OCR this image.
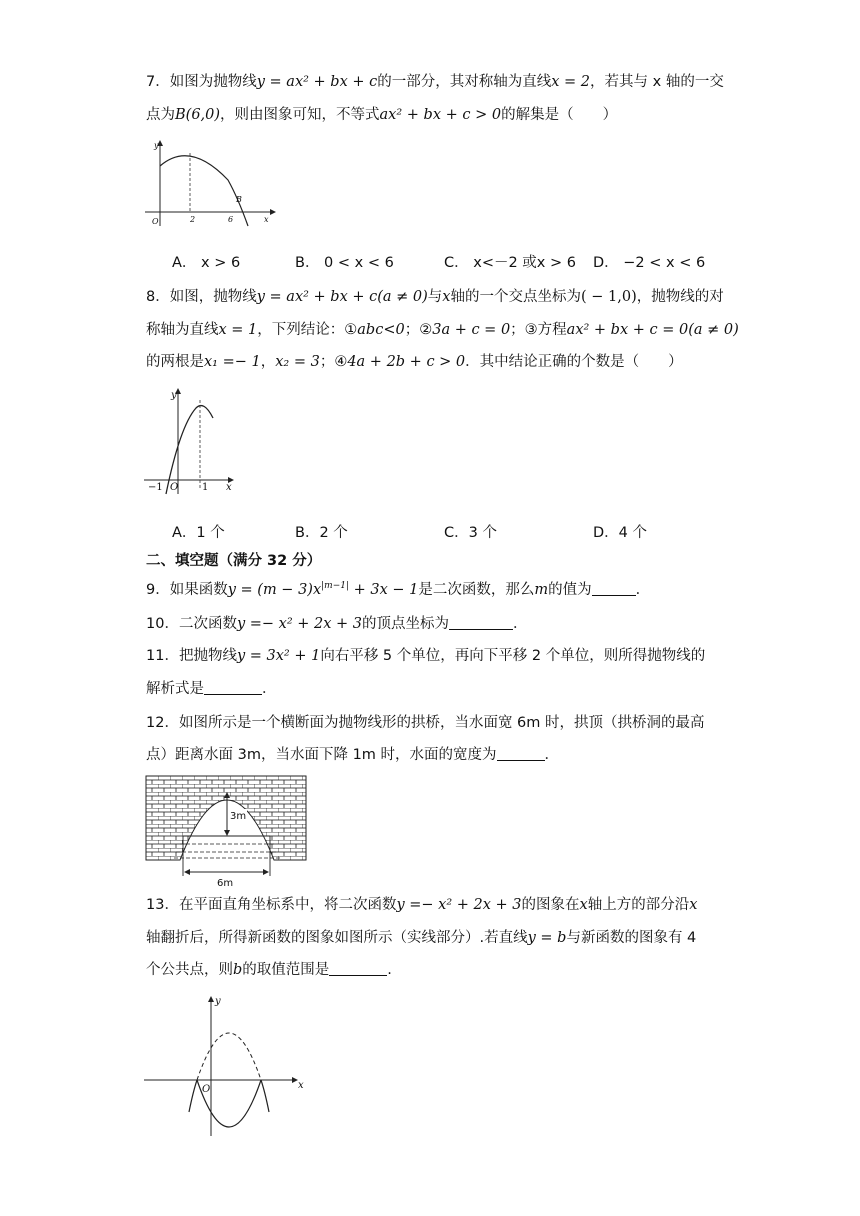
7．如图为抛物线y = ax² + bx + c的一部分，其对称轴为直线x = 2，若其与 x 轴的一交
点为B(6,0)，则由图象可知，不等式ax² + bx + c > 0的解集是（　　）
y
x
O	2	6
B
A． x > 6	B． 0 < x < 6	C． x<－2 或x > 6 D． −2 < x < 6
8．如图，抛物线y = ax² + bx + c(a ≠ 0)与x轴的一个交点坐标为( − 1,0)，抛物线的对
称轴为直线x = 1，下列结论：①abc<0；②3a + c = 0；③方程ax² + bx + c = 0(a ≠ 0)
的两根是x₁ =− 1，x₂ = 3；④4a + 2b + c > 0．其中结论正确的个数是（　　）
y
x
O
−1	1
A．1 个	B．2 个	C．3 个	D．4 个
二、填空题（满分 32 分）
9．如果函数$y = (m - 3)x^{|m-1|} + 3x - 1$是二次函数，那么m的值为	．
10．二次函数y =− x² + 2x + 3的顶点坐标为	．
11．把抛物线y = 3x² + 1向右平移 5 个单位，再向下平移 2 个单位，则所得抛物线的
解析式是	．
12．如图所示是一个横断面为抛物线形的拱桥，当水面宽 6m 时，拱顶（拱桥洞的最高
点）距离水面 3m，当水面下降 1m 时，水面的宽度为	．
3m
6m
13．在平面直角坐标系中，将二次函数y =− x² + 2x + 3的图象在x轴上方的部分沿x
轴翻折后，所得新函数的图象如图所示（实线部分）.若直线y = b与新函数的图象有 4
个公共点，则b的取值范围是	.
y
x
O
